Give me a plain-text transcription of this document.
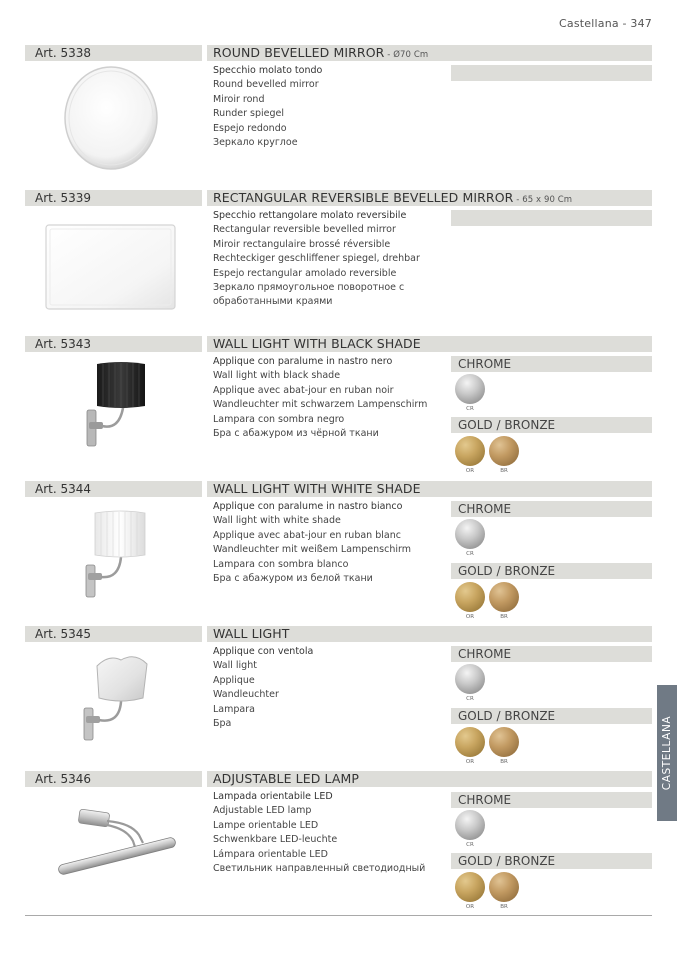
Castellana - 347
Art. 5338	ROUND BEVELLED MIRROR - Ø70 Cm
Specchio molato tondo
Round bevelled mirror
Miroir rond
Runder spiegel
Espejo redondo
Зеркало круглое
Art. 5339	RECTANGULAR REVERSIBLE BEVELLED MIRROR - 65 x 90 Cm
Specchio rettangolare molato reversibile
Rectangular reversible bevelled mirror
Miroir rectangulaire brossé réversible
Rechteckiger geschliffener spiegel, drehbar
Espejo rectangular amolado reversible
Зеркало прямоугольное поворотное с
обработанными краями
Art. 5343	WALL LIGHT WITH BLACK SHADE
Applique con paralume in nastro nero
Wall light with black shade
Applique avec abat-jour en ruban noir
Wandleuchter mit schwarzem Lampenschirm
Lampara con sombra negro
Бра с абажуром из чёрной ткани
CHROME
CR
GOLD / BRONZE
OR	BR
Art. 5344	WALL LIGHT WITH WHITE SHADE
Applique con paralume in nastro bianco
Wall light with white shade
Applique avec abat-jour en ruban blanc
Wandleuchter mit weißem Lampenschirm
Lampara con sombra blanco
Бра с абажуром из белой ткани
CHROME
CR
GOLD / BRONZE
OR	BR
Art. 5345	WALL LIGHT
Applique con ventola
Wall light
Applique
Wandleuchter
Lampara
Бра
CHROME
CR
GOLD / BRONZE
OR	BR
Art. 5346	ADJUSTABLE LED LAMP
Lampada orientabile LED
Adjustable LED lamp
Lampe orientable LED
Schwenkbare LED-leuchte
Lámpara orientable LED
Светильник направленный светодиодный
CHROME
CR
GOLD / BRONZE
OR	BR
CASTELLANA
